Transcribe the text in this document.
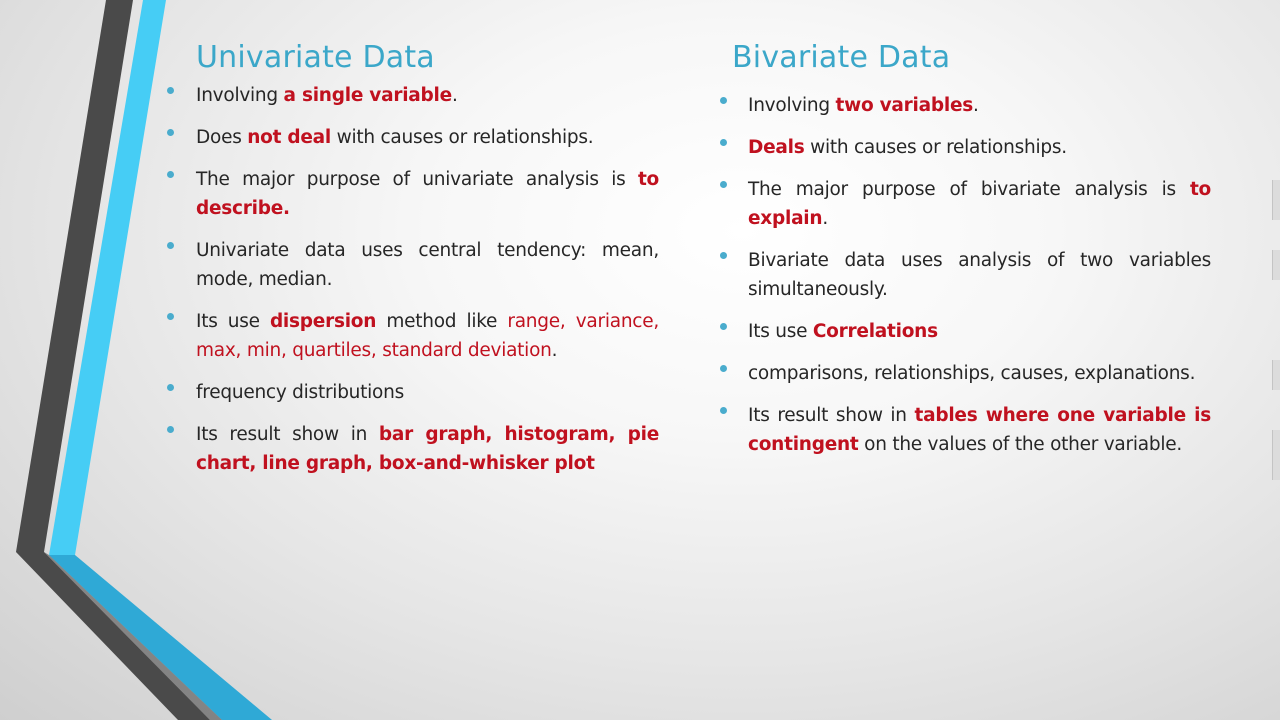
Univariate Data
Involving a single variable.
Does not deal with causes or relationships.
The major purpose of univariate analysis is to describe.
Univariate data uses central tendency: mean, mode, median.
Its use dispersion method like range, variance, max, min, quartiles, standard deviation.
frequency distributions
Its result show in bar graph, histogram, pie chart, line graph, box-and-whisker plot
Bivariate Data
Involving two variables.
Deals with causes or relationships.
The major purpose of bivariate analysis is to explain.
Bivariate data uses analysis of two variables simultaneously.
Its use Correlations
comparisons, relationships, causes, explanations.
Its result show in tables where one variable is contingent on the values of the other variable.
